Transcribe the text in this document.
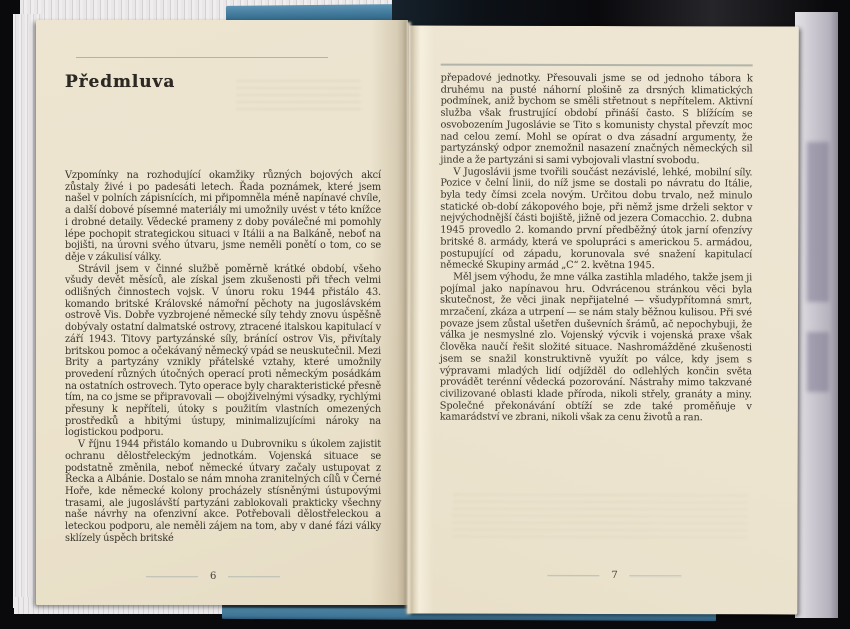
Předmluva

Vzpomínky na rozhodující okamžiky různých bojových akcí zůstaly živé i po padesáti letech. Řada poznámek, které jsem našel v polních zápisnících, mi připomněla méně napínavé chvíle, a další dobové písemné materiály mi umožnily uvést v této knížce i drobné detaily. Vědecké prameny z doby poválečné mi pomohly lépe pochopit strategickou situaci v Itálii a na Balkáně, neboť na bojišti, na úrovni svého útvaru, jsme neměli ponětí o tom, co se děje v zákulisí války.

Strávil jsem v činné službě poměrně krátké období, všeho všudy devět měsíců, ale získal jsem zkušenosti při třech velmi odlišných činnostech vojsk. V únoru roku 1944 přistálo 43. komando britské Královské námořní pěchoty na jugoslávském ostrově Vis. Dobře vyzbrojené německé síly tehdy znovu úspěšně dobývaly ostatní dalmatské ostrovy, ztracené italskou kapitulací v září 1943. Titovy partyzánské síly, bránící ostrov Vis, přivítaly britskou pomoc a očekávaný německý vpád se neuskutečnil. Mezi Brity a partyzány vznikly přátelské vztahy, které umožnily provedení různých útočných operací proti německým posádkám na ostatních ostrovech. Tyto operace byly charakteristické přesně tím, na co jsme se připravovali — obojživelnými výsadky, rychlými přesuny k nepříteli, útoky s použitím vlastních omezených prostředků a hbitými ústupy, minimalizujícími nároky na logistickou podporu.

V říjnu 1944 přistálo komando u Dubrovniku s úkolem zajistit ochranu dělostřeleckým jednotkám. Vojenská situace se podstatně změnila, neboť německé útvary začaly ustupovat z Řecka a Albánie. Dostalo se nám mnoha zranitelných cílů v Černé Hoře, kde německé kolony procházely stísněnými ústupovými trasami, ale jugoslávští partyzáni zablokovali prakticky všechny naše návrhy na ofenzivní akce. Potřebovali dělostřeleckou a leteckou podporu, ale neměli zájem na tom, aby v dané fázi války sklízely úspěch britské

6

přepadové jednotky. Přesouvali jsme se od jednoho tábora k druhému na pusté náhorní plošině za drsných klimatických podmínek, aniž bychom se směli střetnout s nepřítelem. Aktivní služba však frustrující období přináší často. S blížícím se osvobozením Jugoslávie se Tito s komunisty chystal převzít moc nad celou zemí. Mohl se opírat o dva zásadní argumenty, že partyzánský odpor znemožnil nasazení značných německých sil jinde a že partyzáni si sami vybojovali vlastní svobodu.

V Jugoslávii jsme tvořili součást nezávislé, lehké, mobilní síly. Pozice v čelní linii, do níž jsme se dostali po návratu do Itálie, byla tedy čímsi zcela novým. Určitou dobu trvalo, než minulo statické ob-dobí zákopového boje, při němž jsme drželi sektor v nejvýchodnější části bojiště, jižně od jezera Comacchio. 2. dubna 1945 provedlo 2. komando první předběžný útok jarní ofenzívy britské 8. armády, která ve spolupráci s americkou 5. armádou, postupující od západu, korunovala své snažení kapitulací německé Skupiny armád „C“ 2. května 1945.

Měl jsem výhodu, že mne válka zastihla mladého, takže jsem ji pojímal jako napínavou hru. Odvrácenou stránkou věci byla skutečnost, že věci jinak nepřijatelné — všudypřítomná smrt, mrzačení, zkáza a utrpení — se nám staly běžnou kulisou. Při své povaze jsem zůstal ušetřen duševních šrámů, ač nepochybuji, že válka je nesmyslné zlo. Vojenský výcvik i vojenská praxe však člověka naučí řešit složité situace. Nashromážděné zkušenosti jsem se snažil konstruktivně využít po válce, kdy jsem s výpravami mladých lidí odjížděl do odlehlých končin světa provádět terénní vědecká pozorování. Nástrahy mimo takzvané civilizované oblasti klade příroda, nikoli střely, granáty a miny. Společné překonávání obtíží se zde také proměňuje v kamarádství ve zbrani, nikoli však za cenu životů a ran.

7
